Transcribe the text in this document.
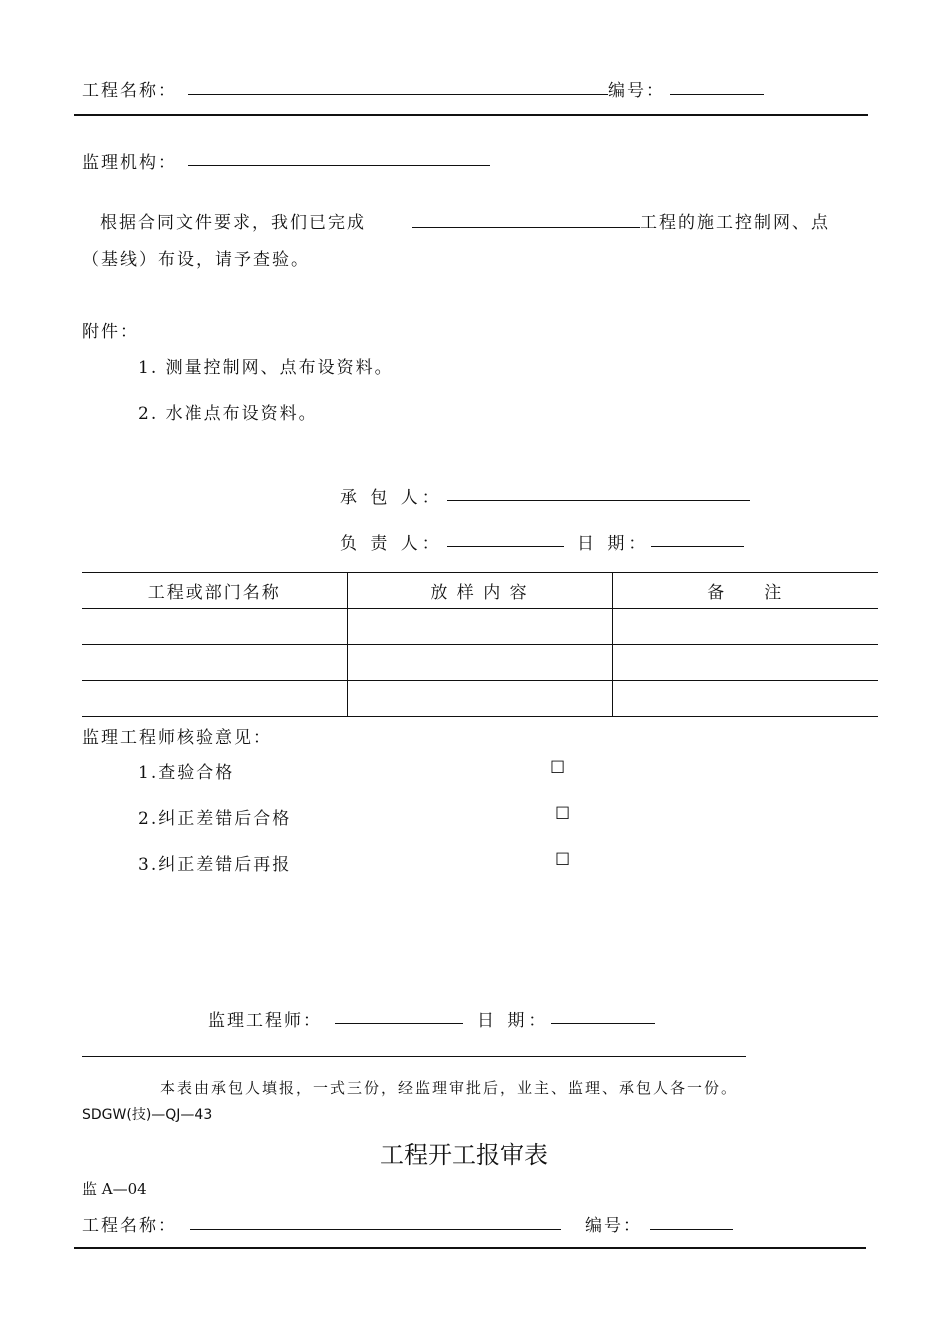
工程名称：	编号：
监理机构：
根据合同文件要求，我们已完成	工程的施工控制网、点
（基线）布设，请予查验。
附件：
1. 测量控制网、点布设资料。
2. 水准点布设资料。
承 包 人：
负 责 人：	日 期：
工程或部门名称	放 样 内 容	备　　注

监理工程师核验意见：
1.查验合格	☐
2.纠正差错后合格	☐
3.纠正差错后再报	☐
监理工程师：	日 期：
本表由承包人填报，一式三份，经监理审批后，业主、监理、承包人各一份。
SDGW(技)—QJ—43
工程开工报审表
监 A—04
工程名称：	编号：
